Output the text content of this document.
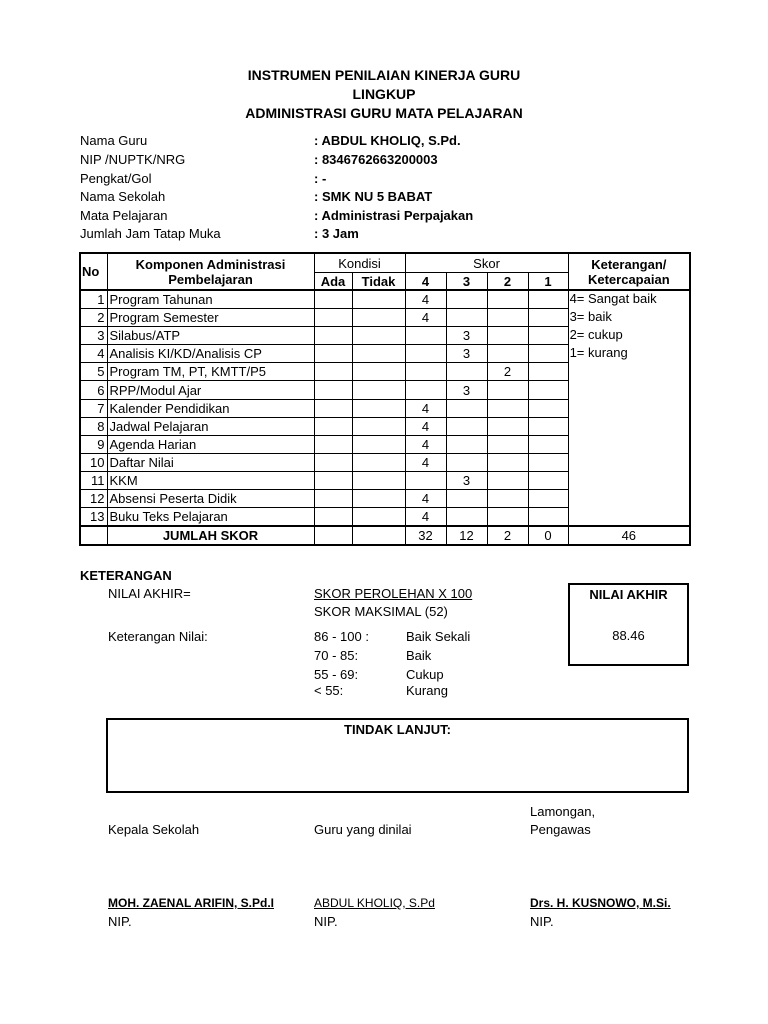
INSTRUMEN PENILAIAN KINERJA GURU
LINGKUP
ADMINISTRASI GURU MATA PELAJARAN
Nama Guru	: ABDUL KHOLIQ, S.Pd.
NIP /NUPTK/NRG	: 8346762663200003
Pengkat/Gol	: -
Nama Sekolah	: SMK NU 5 BABAT
Mata Pelajaran	: Administrasi Perpajakan
Jumlah Jam Tatap Muka	: 3 Jam
No	Komponen Administrasi Pembelajaran	Kondisi		Skor				Keterangan/ Ketercapaian
		Ada	Tidak	4	3	2	1	
1	Program Tahunan			4				4= Sangat baik
2	Program Semester			4				3= baik
3	Silabus/ATP				3			2= cukup
4	Analisis KI/KD/Analisis CP				3			1= kurang
5	Program TM, PT, KMTT/P5					2		
6	RPP/Modul Ajar				3			
7	Kalender Pendidikan			4				
8	Jadwal Pelajaran			4				
9	Agenda Harian			4				
10	Daftar Nilai			4				
11	KKM				3			
12	Absensi Peserta Didik			4				
13	Buku Teks Pelajaran			4				
	JUMLAH SKOR			32	12	2	0	46
KETERANGAN
NILAI AKHIR=	SKOR PEROLEHAN X 100
SKOR MAKSIMAL (52)
Keterangan Nilai:	86 - 100 :	Baik Sekali
70 - 85:	Baik
55 - 69:	Cukup
< 55:	Kurang
NILAI AKHIR
88.46
TINDAK LANJUT:
Lamongan,
Kepala Sekolah	Guru yang dinilai	Pengawas
MOH. ZAENAL ARIFIN, S.Pd.I	ABDUL KHOLIQ, S.Pd	Drs. H. KUSNOWO, M.Si.
NIP.	NIP.	NIP.
